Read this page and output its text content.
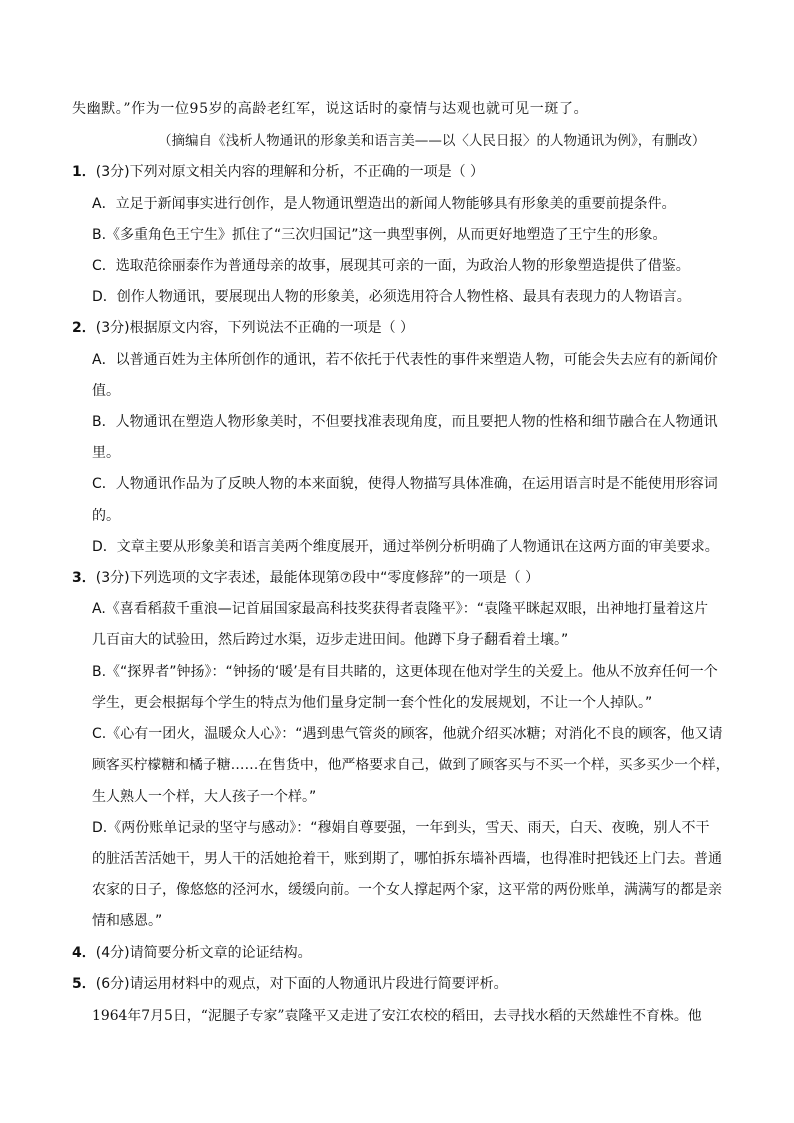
失幽默。”作为一位95岁的高龄老红军，说这话时的豪情与达观也就可见一斑了。
（摘编自《浅析人物通讯的形象美和语言美——以〈人民日报〉的人物通讯为例》，有删改）
1．(3分)下列对原文相关内容的理解和分析，不正确的一项是（ ）
A．立足于新闻事实进行创作，是人物通讯塑造出的新闻人物能够具有形象美的重要前提条件。
B.《多重角色王宁生》抓住了“三次归国记”这一典型事例，从而更好地塑造了王宁生的形象。
C．选取范徐丽泰作为普通母亲的故事，展现其可亲的一面，为政治人物的形象塑造提供了借鉴。
D．创作人物通讯，要展现出人物的形象美，必须选用符合人物性格、最具有表现力的人物语言。
2．(3分)根据原文内容，下列说法不正确的一项是（ ）
A．以普通百姓为主体所创作的通讯，若不依托于代表性的事件来塑造人物，可能会失去应有的新闻价
值。
B．人物通讯在塑造人物形象美时，不但要找准表现角度，而且要把人物的性格和细节融合在人物通讯
里。
C．人物通讯作品为了反映人物的本来面貌，使得人物描写具体准确，在运用语言时是不能使用形容词
的。
D．文章主要从形象美和语言美两个维度展开，通过举例分析明确了人物通讯在这两方面的审美要求。
3．(3分)下列选项的文字表述，最能体现第⑦段中“零度修辞”的一项是（ ）
A.《喜看稻菽千重浪—记首届国家最高科技奖获得者袁隆平》：“袁隆平眯起双眼，出神地打量着这片
几百亩大的试验田，然后跨过水渠，迈步走进田间。他蹲下身子翻看着土壤。”
B.《“探界者”钟扬》：“钟扬的‘暖’是有目共睹的，这更体现在他对学生的关爱上。他从不放弃任何一个
学生，更会根据每个学生的特点为他们量身定制一套个性化的发展规划，不让一个人掉队。”
C.《心有一团火，温暖众人心》：“遇到患气管炎的顾客，他就介绍买冰糖；对消化不良的顾客，他又请
顾客买柠檬糖和橘子糖……在售货中，他严格要求自己，做到了顾客买与不买一个样，买多买少一个样，
生人熟人一个样，大人孩子一个样。”
D.《两份账单记录的坚守与感动》：“穆娟自尊要强，一年到头，雪天、雨天，白天、夜晚，别人不干
的脏活苦活她干，男人干的活她抢着干，账到期了，哪怕拆东墙补西墙，也得准时把钱还上门去。普通
农家的日子，像悠悠的泾河水，缓缓向前。一个女人撑起两个家，这平常的两份账单，满满写的都是亲
情和感恩。”
4．(4分)请简要分析文章的论证结构。
5．(6分)请运用材料中的观点，对下面的人物通讯片段进行简要评析。
1964年7月5日，“泥腿子专家”袁隆平又走进了安江农校的稻田，去寻找水稻的天然雄性不育株。他
